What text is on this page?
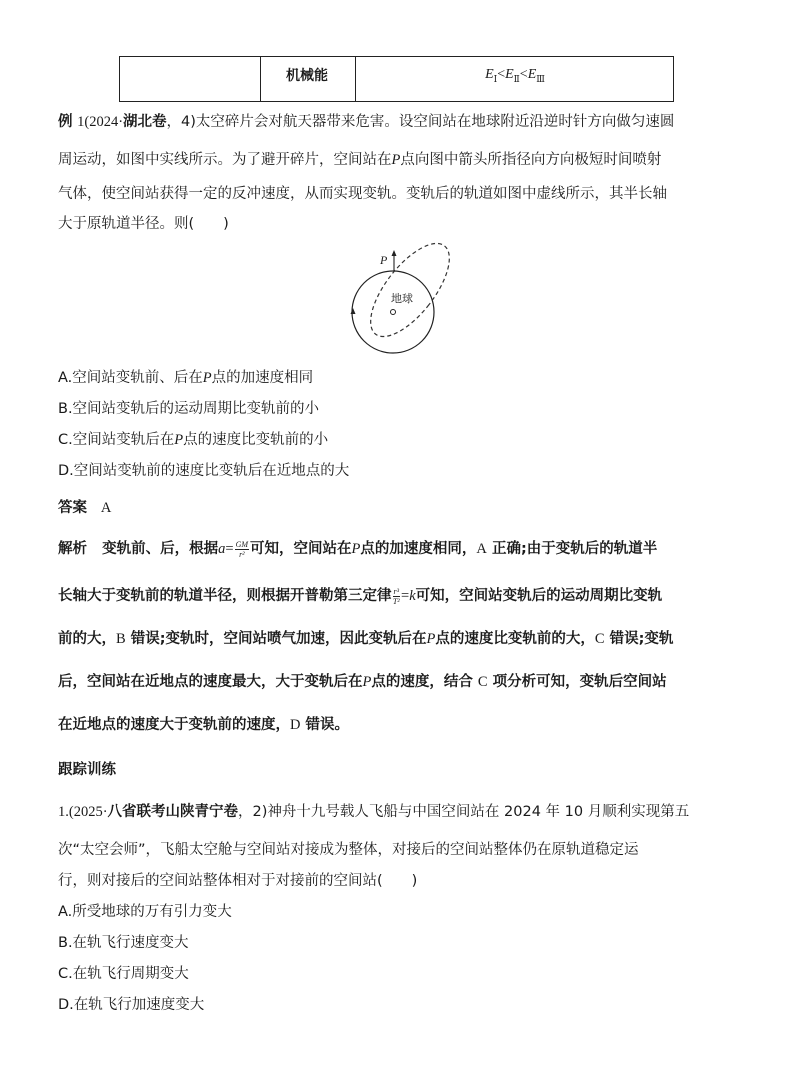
机械能	$E_Ⅰ<E_Ⅱ<E_Ⅲ$
例 1(2024·湖北卷，4)太空碎片会对航天器带来危害。设空间站在地球附近沿逆时针方向做匀速圆
周运动，如图中实线所示。为了避开碎片，空间站在P点向图中箭头所指径向方向极短时间喷射
气体，使空间站获得一定的反冲速度，从而实现变轨。变轨后的轨道如图中虚线所示，其半长轴
大于原轨道半径。则(　　)
P
地球
A.空间站变轨前、后在P点的加速度相同
B.空间站变轨后的运动周期比变轨前的小
C.空间站变轨后在P点的速度比变轨前的小
D.空间站变轨前的速度比变轨后在近地点的大
答案 A
解析 变轨前、后，根据$a= \frac{GM}{\text{r²}}$ 可知，空间站在P点的加速度相同，A 正确;由于变轨后的轨道半
长轴大于变轨前的轨道半径，则根据开普勒第三定律 $\frac{\text{r³}}{\text{T²}} =k$可知，空间站变轨后的运动周期比变轨
前的大，B 错误;变轨时，空间站喷气加速，因此变轨后在P点的速度比变轨前的大，C 错误;变轨
后，空间站在近地点的速度最大，大于变轨后在P点的速度，结合 C 项分析可知，变轨后空间站
在近地点的速度大于变轨前的速度，D 错误。
跟踪训练
1.(2025·八省联考山陕青宁卷，2)神舟十九号载人飞船与中国空间站在 2024 年 10 月顺利实现第五
次“太空会师”，飞船太空舱与空间站对接成为整体，对接后的空间站整体仍在原轨道稳定运
行，则对接后的空间站整体相对于对接前的空间站(　　)
A.所受地球的万有引力变大
B.在轨飞行速度变大
C.在轨飞行周期变大
D.在轨飞行加速度变大
